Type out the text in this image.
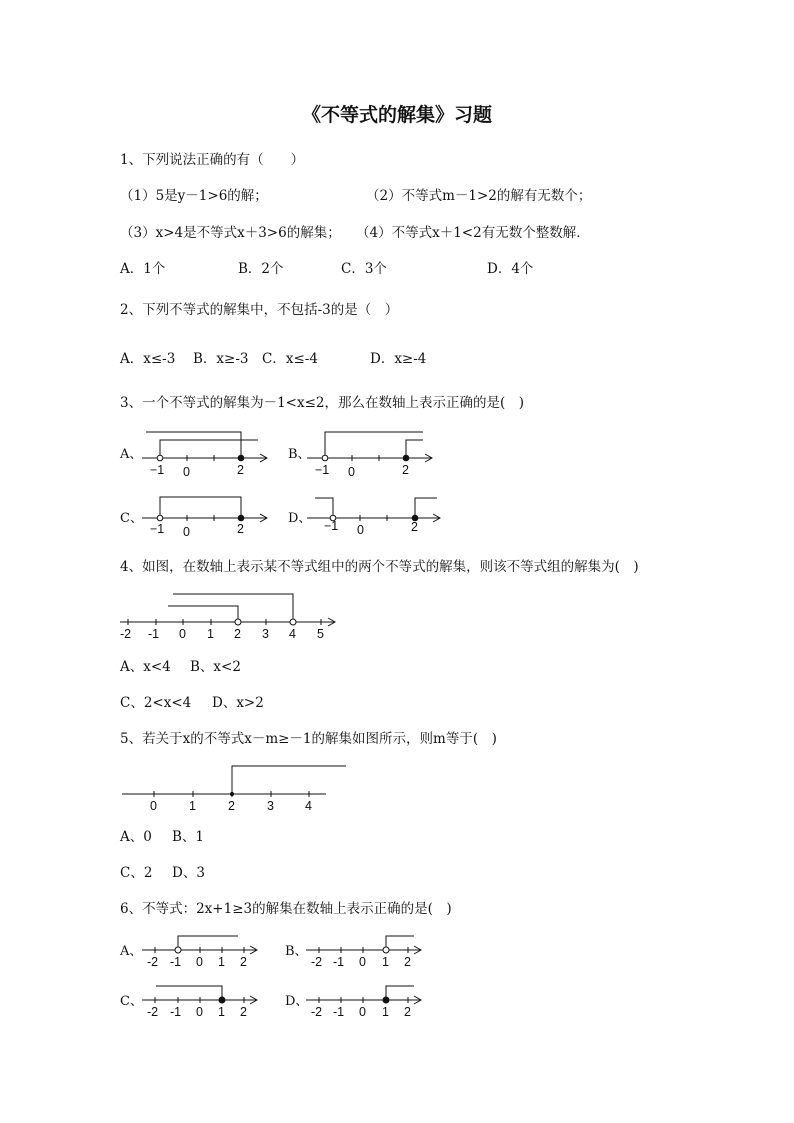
《不等式的解集》习题
1、下列说法正确的有（　　）
（1）5是y－1>6的解；	（2）不等式m－1>2的解有无数个；
（3）x>4是不等式x＋3>6的解集； （4）不等式x＋1<2有无数个整数解．
A．1个	B．2个	C．3个	D．4个
2、下列不等式的解集中，不包括-3的是（　）
A．x≤-3 B．x≥-3 C．x≤-4	D．x≥-4
3、一个不等式的解集为－1<x≤2，那么在数轴上表示正确的是(　)
A、
−1 0	2
B、
−1 0	2
C、
−1 0	2
D、 −1 0	2
4、如图，在数轴上表示某不等式组中的两个不等式的解集，则该不等式组的解集为(　)
-2 -1 0 1 2 3 4 5
A、x<4 B、x<2
C、2<x<4 D、x>2
5、若关于x的不等式x－m≥－1的解集如图所示，则m等于(　)
0	1	2	3 4
A、0 B、1
C、2 D、3
6、不等式：2x+1≥3的解集在数轴上表示正确的是(　)
A、
-2 -1 0 1 2
B、
-2 -1 0 1 2
C、
-2 -1 0 1 2
D、
-2 -1 0 1 2
